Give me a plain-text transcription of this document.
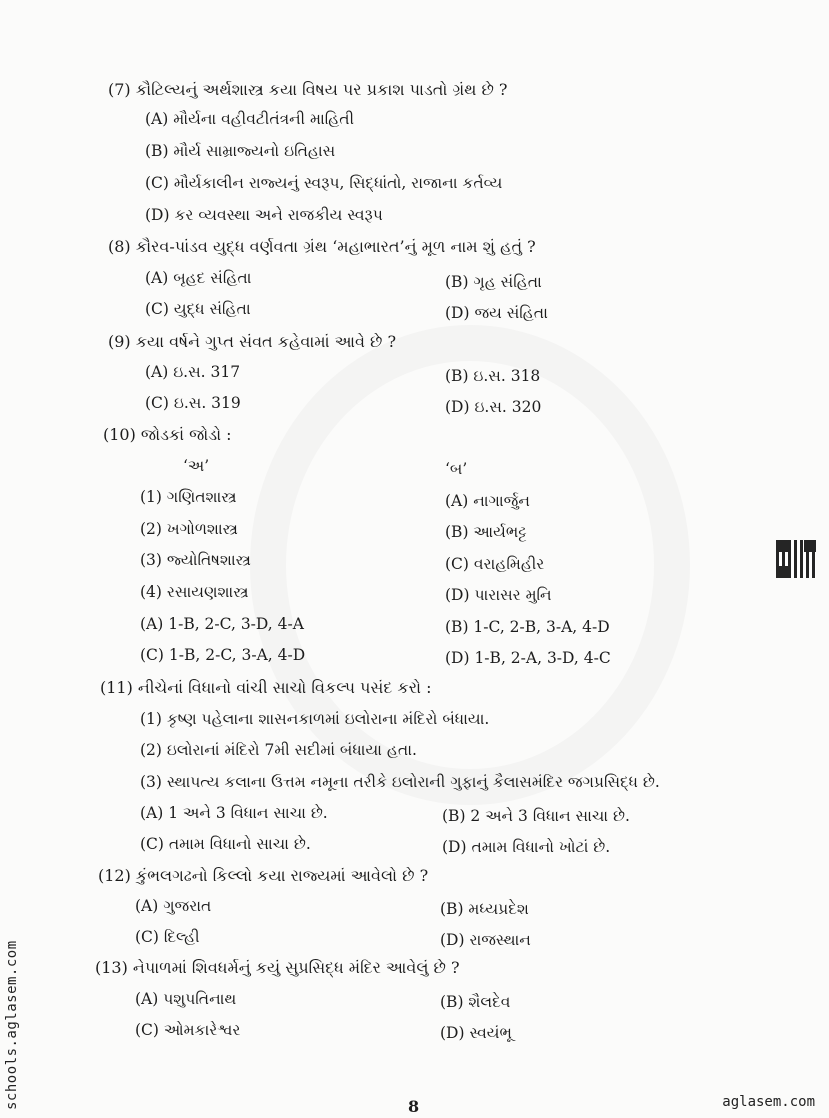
(7) કૌટિલ્યનું અર્થશાસ્ત્ર કયા વિષય પર પ્રકાશ પાડતો ગ્રંથ છે ?
(A) મૌર્યના વહીવટીતંત્રની માહિતી
(B) મૌર્ય સામ્રાજ્યનો ઇતિહાસ
(C) મૌર્યકાલીન રાજ્યનું સ્વરૂપ, સિદ્ધાંતો, રાજાના કર્તવ્ય
(D) કર વ્યવસ્થા અને રાજકીય સ્વરૂપ
(8) કૌરવ-પાંડવ યુદ્ધ વર્ણવતા ગ્રંથ ‘મહાભારત’નું મૂળ નામ શું હતું ?
(A) બૃહદ સંહિતા	(B) ગૃહ સંહિતા
(C) યુદ્ધ સંહિતા	(D) જય સંહિતા
(9) કયા વર્ષને ગુપ્ત સંવત કહેવામાં આવે છે ?
(A) ઇ.સ. 317	(B) ઇ.સ. 318
(C) ઇ.સ. 319	(D) ઇ.સ. 320
(10) જોડકાં જોડો :
‘અ’	‘બ’
(1) ગણિતશાસ્ત્ર	(A) નાગાર્જુન
(2) ખગોળશાસ્ત્ર	(B) આર્યભટ્ટ
(3) જ્યોતિષશાસ્ત્ર	(C) વરાહમિહીર
(4) રસાયણશાસ્ત્ર	(D) પારાસર મુનિ
(A) 1-B, 2-C, 3-D, 4-A	(B) 1-C, 2-B, 3-A, 4-D
(C) 1-B, 2-C, 3-A, 4-D	(D) 1-B, 2-A, 3-D, 4-C
(11) નીચેનાં વિધાનો વાંચી સાચો વિકલ્પ પસંદ કરો :
(1) કૃષ્ણ પહેલાના શાસનકાળમાં ઇલોરાના મંદિરો બંધાયા.
(2) ઇલોરાનાં મંદિરો 7મી સદીમાં બંધાયા હતા.
(3) સ્થાપત્ય કલાના ઉત્તમ નમૂના તરીકે ઇલોરાની ગુફાનું કૈલાસમંદિર જગપ્રસિદ્ધ છે.
(A) 1 અને 3 વિધાન સાચા છે.	(B) 2 અને 3 વિધાન સાચા છે.
(C) તમામ વિધાનો સાચા છે.	(D) તમામ વિધાનો ખોટાં છે.
(12) કુંભલગઢનો કિલ્લો કયા રાજ્યમાં આવેલો છે ?
(A) ગુજરાત	(B) મધ્યપ્રદેશ
(C) દિલ્હી	(D) રાજસ્થાન
(13) નેપાળમાં શિવધર્મનું કયું સુપ્રસિદ્ધ મંદિર આવેલું છે ?
(A) પશુપતિનાથ	(B) શૈલદેવ
(C) ઓમકારેશ્વર	(D) સ્વયંભૂ
8
schools.aglasem.com	aglasem.com
